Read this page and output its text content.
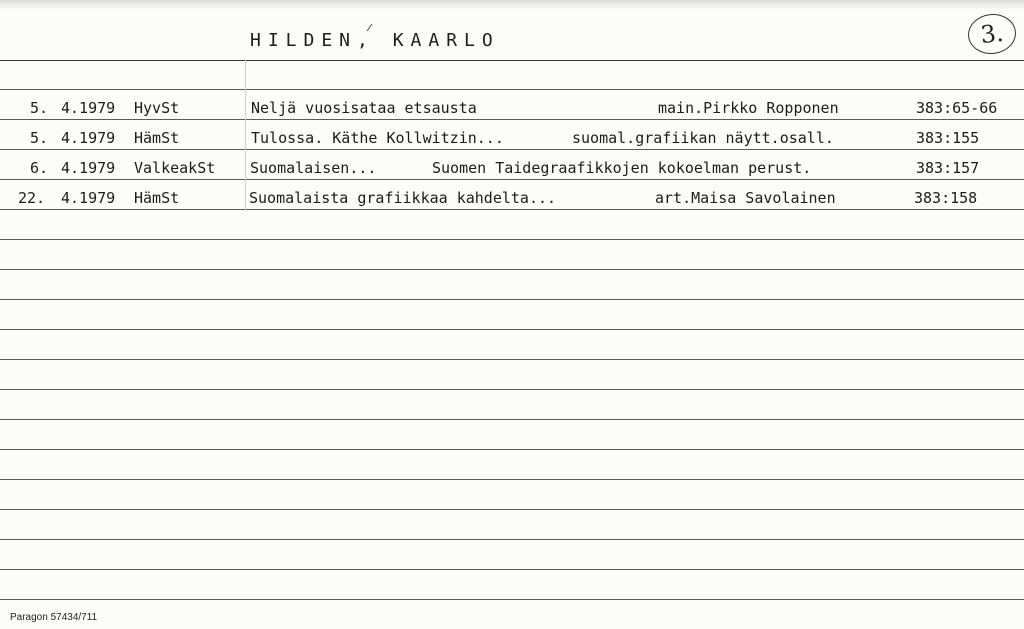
HILDEN, KAARLO	3.
5. 4.1979 HyvSt	Neljä vuosisataa etsausta	main.Pirkko Ropponen	383:65-66
5. 4.1979 HämSt	Tulossa. Käthe Kollwitzin...	suomal.grafiikan näytt.osall.	383:155
6. 4.1979 ValkeakSt Suomalaisen...	Suomen Taidegraafikkojen kokoelman perust.	383:157
22. 4.1979 HämSt	Suomalaista grafiikkaa kahdelta...	art.Maisa Savolainen	383:158
Paragon 57434/711
